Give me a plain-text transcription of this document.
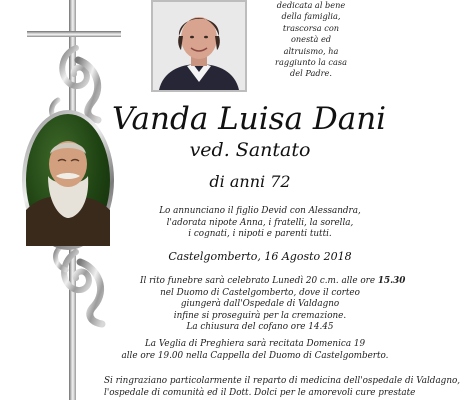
dedicata al bene
della famiglia,
trascorsa con
onestà ed
altruismo, ha
raggiunto la casa
del Padre.
Vanda Luisa Dani
ved. Santato
di anni 72
Lo annunciano il figlio Devid con Alessandra,
l'adorata nipote Anna, i fratelli, la sorella,
i cognati, i nipoti e parenti tutti.
Castelgomberto, 16 Agosto 2018
Il rito funebre sarà celebrato Lunedì 20 c.m. alle ore 15.30
nel Duomo di Castelgomberto, dove il corteo
giungerà dall'Ospedale di Valdagno
infine si proseguirà per la cremazione.
La chiusura del cofano ore 14.45
La Veglia di Preghiera sarà recitata Domenica 19
alle ore 19.00 nella Cappella del Duomo di Castelgomberto.
Si ringraziano particolarmente il reparto di medicina dell'ospedale di Valdagno,
l'ospedale di comunità ed il Dott. Dolci per le amorevoli cure prestate
